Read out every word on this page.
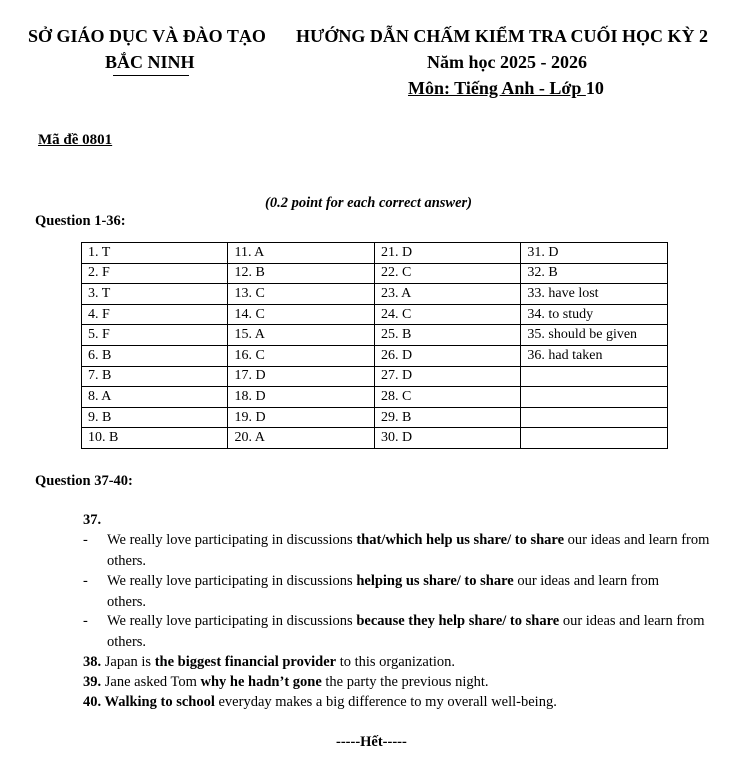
SỞ GIÁO DỤC VÀ ĐÀO TẠO
BẮC NINH
HƯỚNG DẪN CHẤM KIỂM TRA CUỐI HỌC KỲ 2
Năm học 2025 - 2026
Môn: Tiếng Anh - Lớp 10
Mã đề 0801
(0.2 point for each correct answer)
Question 1-36:
1. T	11. A	21. D	31. D
2. F	12. B	22. C	32. B
3. T	13. C	23. A	33. have lost
4. F	14. C	24. C	34. to study
5. F	15. A	25. B	35. should be given
6. B	16. C	26. D	36. had taken
7. B	17. D	27. D	
8. A	18. D	28. C	
9. B	19. D	29. B	
10. B	20. A	30. D	
Question 37-40:
37.
- We really love participating in discussions that/which help us share/ to share our ideas and learn from others.
- We really love participating in discussions helping us share/ to share our ideas and learn from others.
- We really love participating in discussions because they help share/ to share our ideas and learn from others.
38. Japan is the biggest financial provider to this organization.
39. Jane asked Tom why he hadn’t gone the party the previous night.
40. Walking to school everyday makes a big difference to my overall well-being.
-----Hết-----
